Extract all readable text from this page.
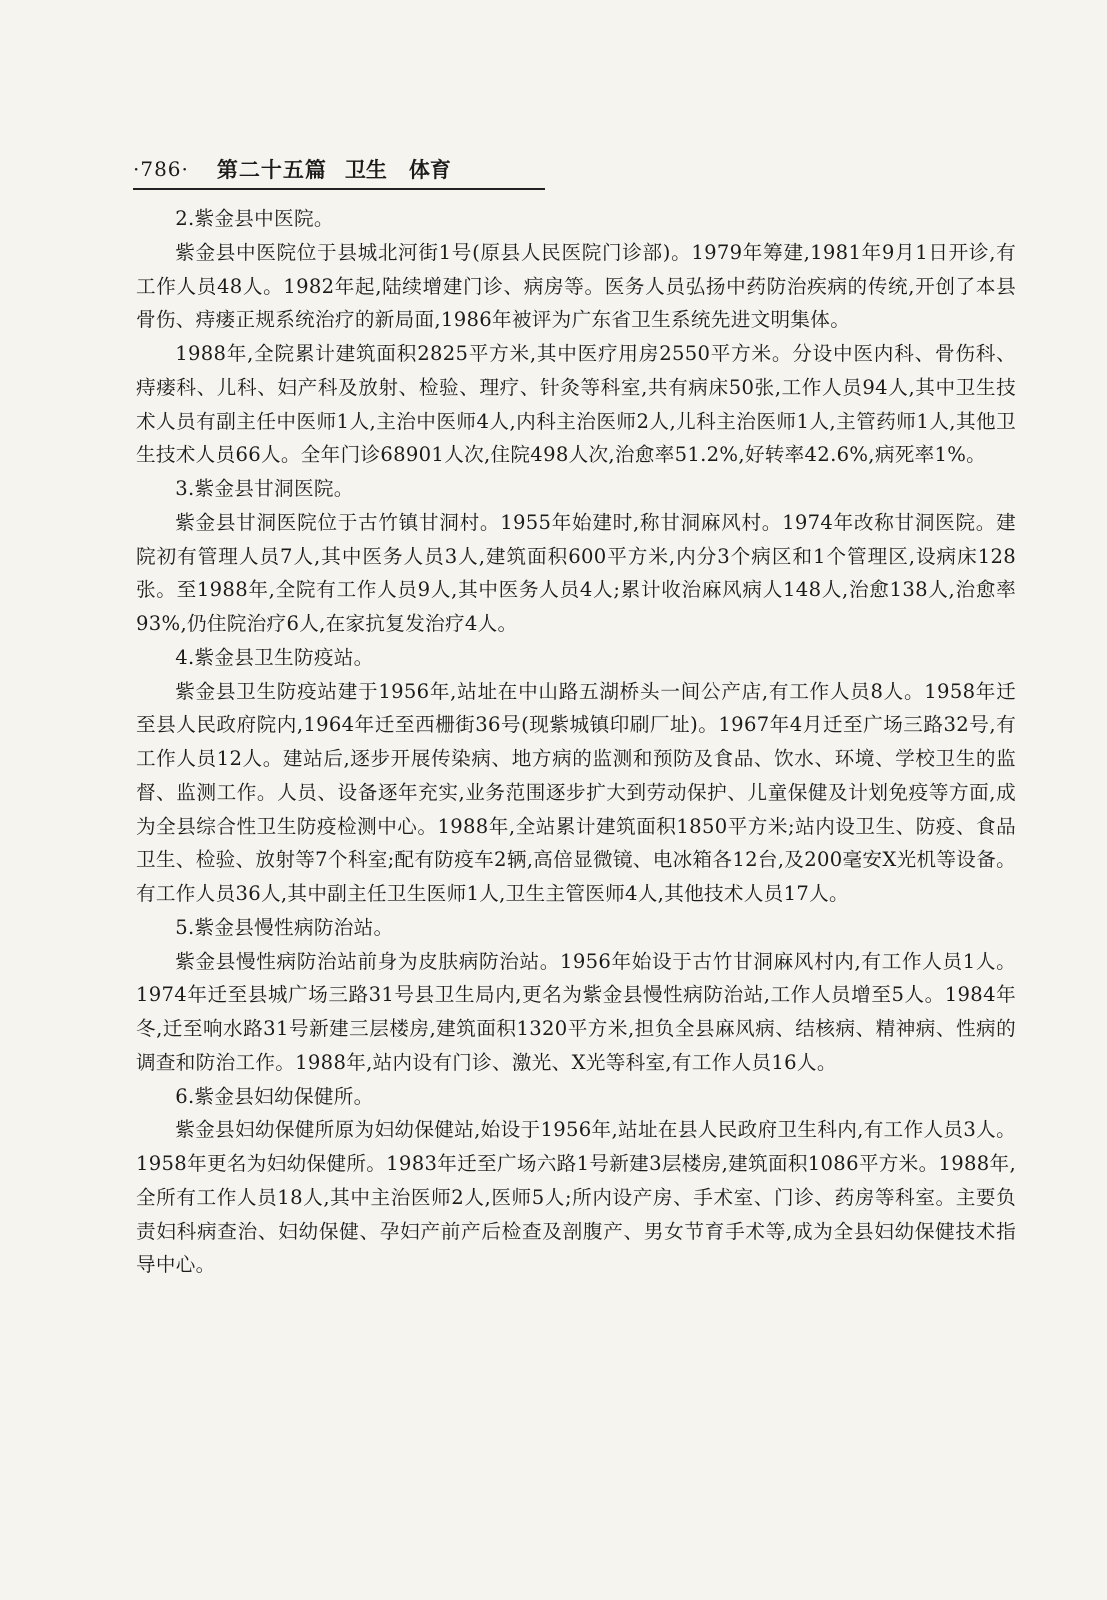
·786· 第二十五篇 卫生 体育

2.紫金县中医院。

紫金县中医院位于县城北河街1号(原县人民医院门诊部)。1979年筹建,1981年9月1日开诊,有工作人员48人。1982年起,陆续增建门诊、病房等。医务人员弘扬中药防治疾病的传统,开创了本县骨伤、痔瘘正规系统治疗的新局面,1986年被评为广东省卫生系统先进文明集体。

1988年,全院累计建筑面积2825平方米,其中医疗用房2550平方米。分设中医内科、骨伤科、痔瘘科、儿科、妇产科及放射、检验、理疗、针灸等科室,共有病床50张,工作人员94人,其中卫生技术人员有副主任中医师1人,主治中医师4人,内科主治医师2人,儿科主治医师1人,主管药师1人,其他卫生技术人员66人。全年门诊68901人次,住院498人次,治愈率51.2%,好转率42.6%,病死率1%。

3.紫金县甘洞医院。

紫金县甘洞医院位于古竹镇甘洞村。1955年始建时,称甘洞麻风村。1974年改称甘洞医院。建院初有管理人员7人,其中医务人员3人,建筑面积600平方米,内分3个病区和1个管理区,设病床128张。至1988年,全院有工作人员9人,其中医务人员4人;累计收治麻风病人148人,治愈138人,治愈率93%,仍住院治疗6人,在家抗复发治疗4人。

4.紫金县卫生防疫站。

紫金县卫生防疫站建于1956年,站址在中山路五湖桥头一间公产店,有工作人员8人。1958年迁至县人民政府院内,1964年迁至西栅街36号(现紫城镇印刷厂址)。1967年4月迁至广场三路32号,有工作人员12人。建站后,逐步开展传染病、地方病的监测和预防及食品、饮水、环境、学校卫生的监督、监测工作。人员、设备逐年充实,业务范围逐步扩大到劳动保护、儿童保健及计划免疫等方面,成为全县综合性卫生防疫检测中心。1988年,全站累计建筑面积1850平方米;站内设卫生、防疫、食品卫生、检验、放射等7个科室;配有防疫车2辆,高倍显微镜、电冰箱各12台,及200毫安X光机等设备。有工作人员36人,其中副主任卫生医师1人,卫生主管医师4人,其他技术人员17人。

5.紫金县慢性病防治站。

紫金县慢性病防治站前身为皮肤病防治站。1956年始设于古竹甘洞麻风村内,有工作人员1人。1974年迁至县城广场三路31号县卫生局内,更名为紫金县慢性病防治站,工作人员增至5人。1984年冬,迁至响水路31号新建三层楼房,建筑面积1320平方米,担负全县麻风病、结核病、精神病、性病的调查和防治工作。1988年,站内设有门诊、激光、X光等科室,有工作人员16人。

6.紫金县妇幼保健所。

紫金县妇幼保健所原为妇幼保健站,始设于1956年,站址在县人民政府卫生科内,有工作人员3人。1958年更名为妇幼保健所。1983年迁至广场六路1号新建3层楼房,建筑面积1086平方米。1988年,全所有工作人员18人,其中主治医师2人,医师5人;所内设产房、手术室、门诊、药房等科室。主要负责妇科病查治、妇幼保健、孕妇产前产后检查及剖腹产、男女节育手术等,成为全县妇幼保健技术指导中心。
